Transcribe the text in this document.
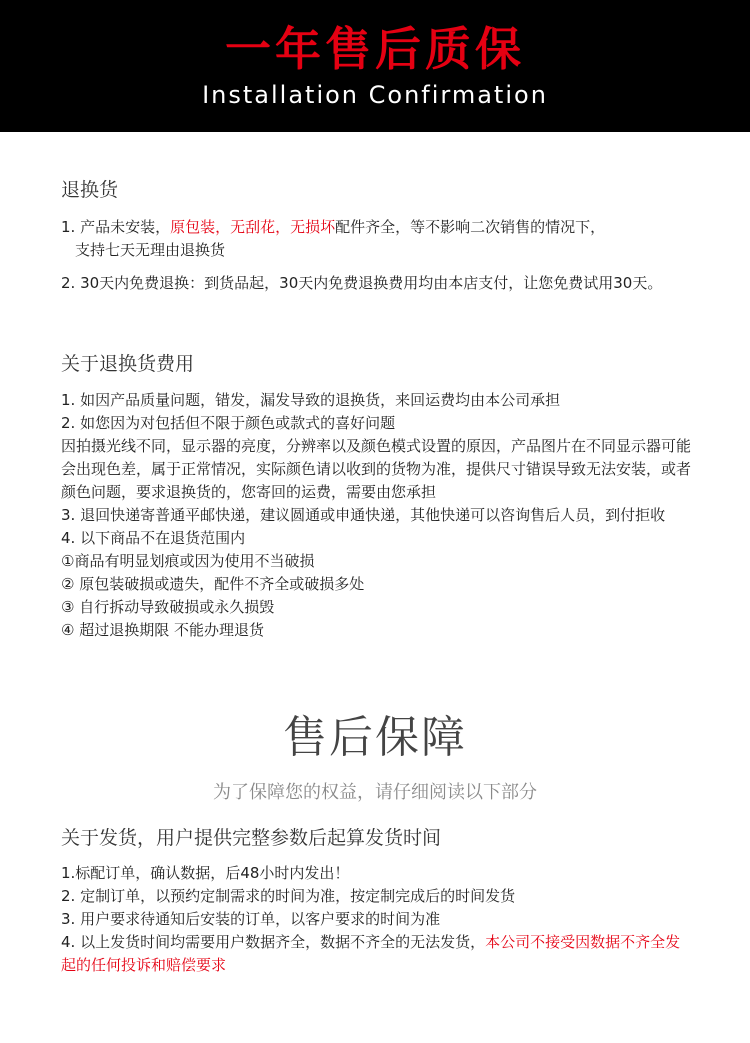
一年售后质保
Installation Confirmation
退换货

1. 产品未安装，原包装，无刮花，无损坏配件齐全，等不影响二次销售的情况下，

支持七天无理由退换货

2. 30天内免费退换：到货品起，30天内免费退换费用均由本店支付，让您免费试用30天。
关于退换货费用

1. 如因产品质量问题，错发，漏发导致的退换货，来回运费均由本公司承担

2. 如您因为对包括但不限于颜色或款式的喜好问题

因拍摄光线不同，显示器的亮度，分辨率以及颜色模式设置的原因，产品图片在不同显示器可能会出现色差，属于正常情况，实际颜色请以收到的货物为准，提供尺寸错误导致无法安装，或者颜色问题，要求退换货的，您寄回的运费，需要由您承担

3. 退回快递寄普通平邮快递，建议圆通或申通快递，其他快递可以咨询售后人员，到付拒收

4. 以下商品不在退货范围内

①商品有明显划痕或因为使用不当破损

② 原包装破损或遗失，配件不齐全或破损多处

③ 自行拆动导致破损或永久损毁

④ 超过退换期限 不能办理退货

售后保障
为了保障您的权益，请仔细阅读以下部分
关于发货，用户提供完整参数后起算发货时间

1.标配订单，确认数据，后48小时内发出！

2. 定制订单，以预约定制需求的时间为准，按定制完成后的时间发货

3. 用户要求待通知后安装的订单，以客户要求的时间为准

4. 以上发货时间均需要用户数据齐全，数据不齐全的无法发货，本公司不接受因数据不齐全发起的任何投诉和赔偿要求
